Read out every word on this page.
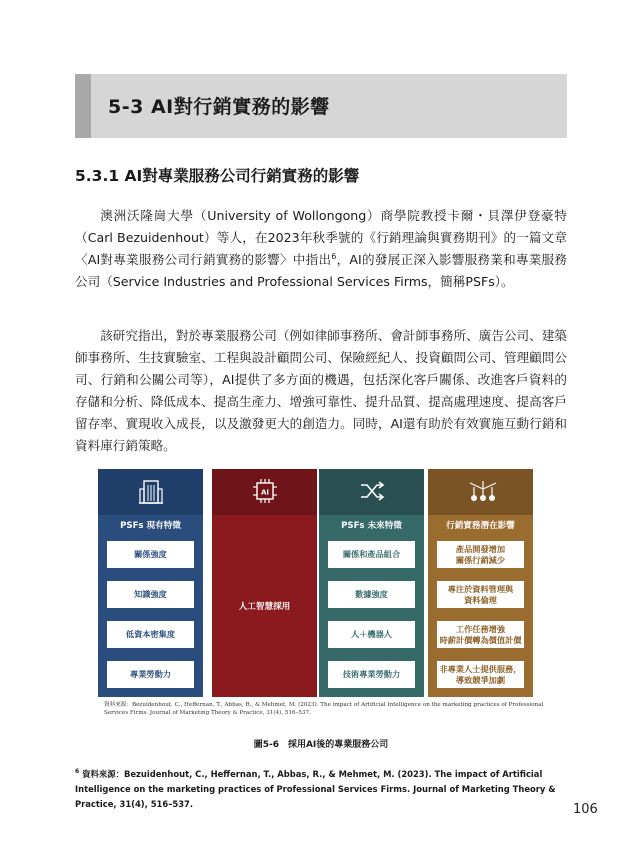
5-3 AI對行銷實務的影響
5.3.1 AI對專業服務公司行銷實務的影響

澳洲沃隆崗大學（University of Wollongong）商學院教授卡爾・貝澤伊登豪特（Carl Bezuidenhout）等人，在2023年秋季號的《行銷理論與實務期刊》的一篇文章〈AI對專業服務公司行銷實務的影響〉中指出$^6$，AI的發展正深入影響服務業和專業服務公司（Service Industries and Professional Services Firms，簡稱PSFs）。

該研究指出，對於專業服務公司（例如律師事務所、會計師事務所、廣告公司、建築師事務所、生技實驗室、工程與設計顧問公司、保險經紀人、投資顧問公司、管理顧問公司、行銷和公關公司等），AI提供了多方面的機遇，包括深化客戶關係、改進客戶資料的存儲和分析、降低成本、提高生產力、增強可靠性、提升品質、提高處理速度、提高客戶留存率、實現收入成長，以及激發更大的創造力。同時，AI還有助於有效實施互動行銷和資料庫行銷策略。

PSFs 現有特徵
關係強度
知識強度
低資本密集度
專業勞動力
AI
人工智慧採用
PSFs 未來特徵
關係和產品組合
數據強度
人＋機器人
技術專業勞動力
行銷實務潛在影響
產品開發增加
關係行銷減少
專注於資料管理與
資料倫理
工作任務增強
時薪計價轉為價值計價
非專業人士提供服務，
導致競爭加劇
資料來源：Bezuidenhout, C., Heffernan, T., Abbas, R., & Mehmet, M. (2023). The impact of Artificial Intelligence on the marketing practices of Professional
Services Firms. Journal of Marketing Theory & Practice, 31(4), 516–537.
圖5-6　採用AI後的專業服務公司
$^6$ 資料來源：Bezuidenhout, C., Heffernan, T., Abbas, R., & Mehmet, M. (2023). The impact of Artificial Intelligence on the marketing practices of Professional Services Firms. Journal of Marketing Theory & Practice, 31(4), 516–537.	106
